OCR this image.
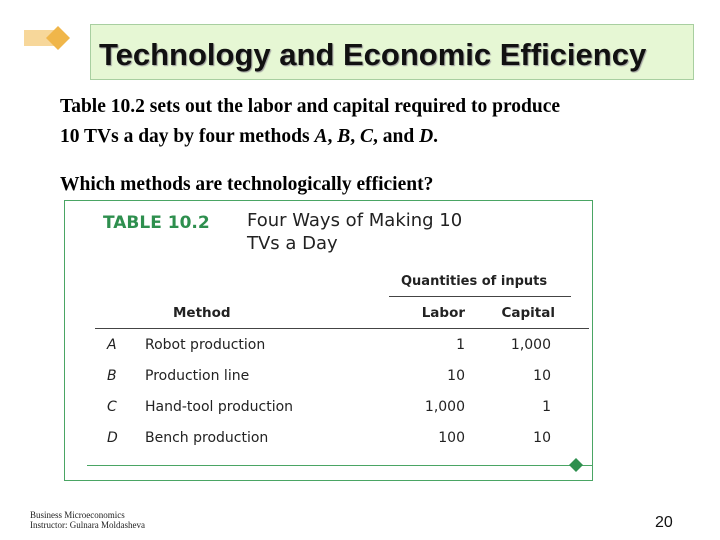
Technology and Economic Efficiency
Table 10.2 sets out the labor and capital required to produce
10 TVs a day by four methods A, B, C, and D.
Which methods are technologically efficient?
TABLE 10.2 Four Ways of Making 10
TVs a Day
Quantities of inputs
Method	Labor	Capital
A Robot production	1	1,000
B Production line	10	10
C Hand-tool production	1,000	1
D Bench production	100	10
Business Microeconomics
Instructor: Gulnara Moldasheva	20
